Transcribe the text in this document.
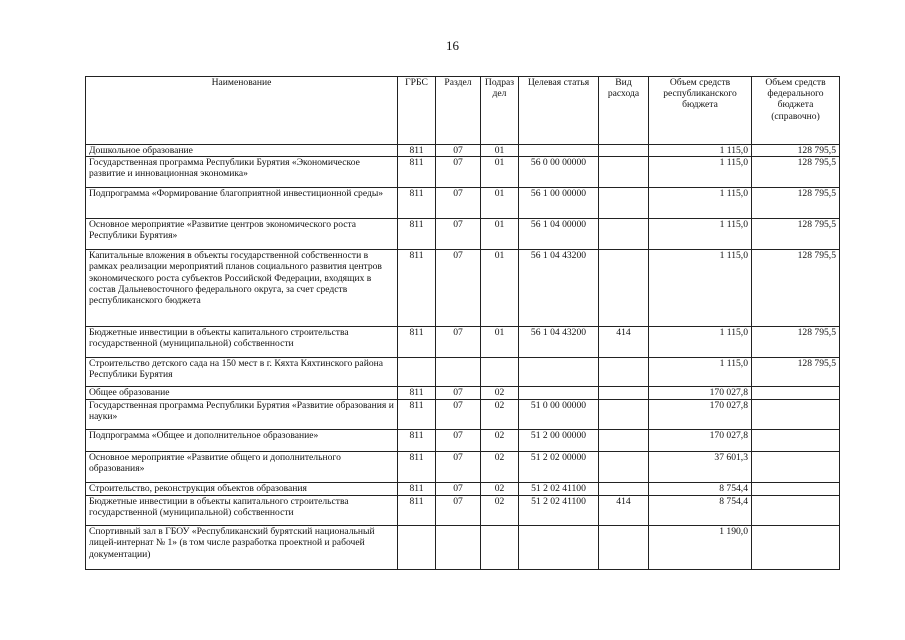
16
Наименование	ГРБС	Раздел	Подраз дел	Целевая статья	Вид расхода	Объем средств республиканского бюджета	Объем средств федерального бюджета (справочно)
Дошкольное образование	811	07	01			1 115,0	128 795,5
Государственная программа Республики Бурятия «Экономическое развитие и инновационная экономика»	811	07	01	56 0 00 00000		1 115,0	128 795,5
Подпрограмма «Формирование благоприятной инвестиционной среды»	811	07	01	56 1 00 00000		1 115,0	128 795,5
Основное мероприятие «Развитие центров экономического роста Республики Бурятия»	811	07	01	56 1 04 00000		1 115,0	128 795,5
Капитальные вложения в объекты государственной собственности в рамках реализации мероприятий планов социального развития центров экономического роста субъектов Российской Федерации, входящих в состав Дальневосточного федерального округа, за счет средств республиканского бюджета	811	07	01	56 1 04 43200		1 115,0	128 795,5
Бюджетные инвестиции в объекты капитального строительства государственной (муниципальной) собственности	811	07	01	56 1 04 43200	414	1 115,0	128 795,5
Строительство детского сада на 150 мест в г. Кяхта Кяхтинского района Республики Бурятия						1 115,0	128 795,5
Общее образование	811	07	02			170 027,8	
Государственная программа Республики Бурятия «Развитие образования и науки»	811	07	02	51 0 00 00000		170 027,8	
Подпрограмма «Общее и дополнительное образование»	811	07	02	51 2 00 00000		170 027,8	
Основное мероприятие «Развитие общего и дополнительного образования»	811	07	02	51 2 02 00000		37 601,3	
Строительство, реконструкция объектов образования	811	07	02	51 2 02 41100		8 754,4	
Бюджетные инвестиции в объекты капитального строительства государственной (муниципальной) собственности	811	07	02	51 2 02 41100	414	8 754,4	
Спортивный зал в ГБОУ «Республиканский бурятский национальный лицей-интернат № 1» (в том числе разработка проектной и рабочей документации)						1 190,0	
